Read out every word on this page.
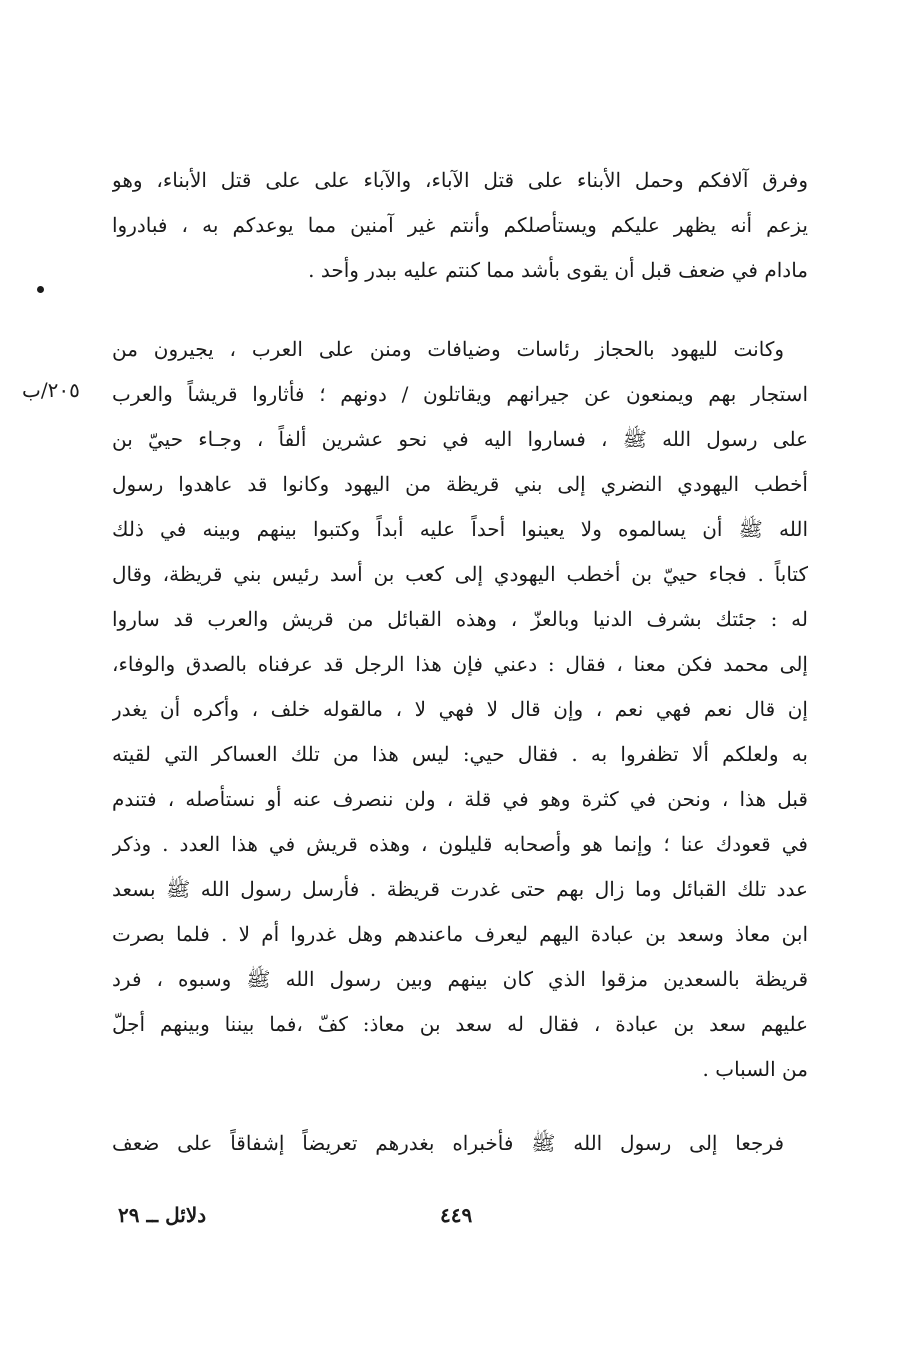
٢٠٥/ب
وفرق آلافكم وحمل الأبناء على قتل الآباء، والآباء على على قتل الأبناء، وهو
يزعم أنه يظهر عليكم ويستأصلكم وأنتم غير آمنين مما يوعدكم به ، فبادروا
مادام في ضعف قبل أن يقوى بأشد مما كنتم عليه ببدر وأحد .
وكانت لليهود بالحجاز رئاسات وضيافات ومنن على العرب ، يجيرون من
استجار بهم ويمنعون عن جيرانهم ويقاتلون / دونهم ؛ فأثاروا قريشاً والعرب
على رسول الله ﷺ ، فساروا اليه في نحو عشرين ألفاً ، وجـاء حييّ بن
أخطب اليهودي النضري إلى بني قريظة من اليهود وكانوا قد عاهدوا رسول
الله ﷺ أن يسالموه ولا يعينوا أحداً عليه أبداً وكتبوا بينهم وبينه في ذلك
كتاباً . فجاء حييّ بن أخطب اليهودي إلى كعب بن أسد رئيس بني قريظة، وقال
له : جئتك بشرف الدنيا وبالعزّ ، وهذه القبائل من قريش والعرب قد ساروا
إلى محمد فكن معنا ، فقال : دعني فإن هذا الرجل قد عرفناه بالصدق والوفاء،
إن قال نعم فهي نعم ، وإن قال لا فهي لا ، مالقوله خلف ، وأكره أن يغدر
به ولعلكم ألا تظفروا به . فقال حيي: ليس هذا من تلك العساكر التي لقيته
قبل هذا ، ونحن في كثرة وهو في قلة ، ولن ننصرف عنه أو نستأصله ، فتندم
في قعودك عنا ؛ وإنما هو وأصحابه قليلون ، وهذه قريش في هذا العدد . وذكر
عدد تلك القبائل وما زال بهم حتى غدرت قريظة . فأرسل رسول الله ﷺ بسعد
ابن معاذ وسعد بن عبادة اليهم ليعرف ماعندهم وهل غدروا أم لا . فلما بصرت
قريظة بالسعدين مزقوا الذي كان بينهم وبين رسول الله ﷺ وسبوه ، فرد
عليهم سعد بن عبادة ، فقال له سعد بن معاذ: كفّ ،فما بيننا وبينهم أجلّ
من السباب .
فرجعا إلى رسول الله ﷺ فأخبراه بغدرهم تعريضاً إشفاقاً على ضعف
٤٤٩
دلائل ــ ٢٩
